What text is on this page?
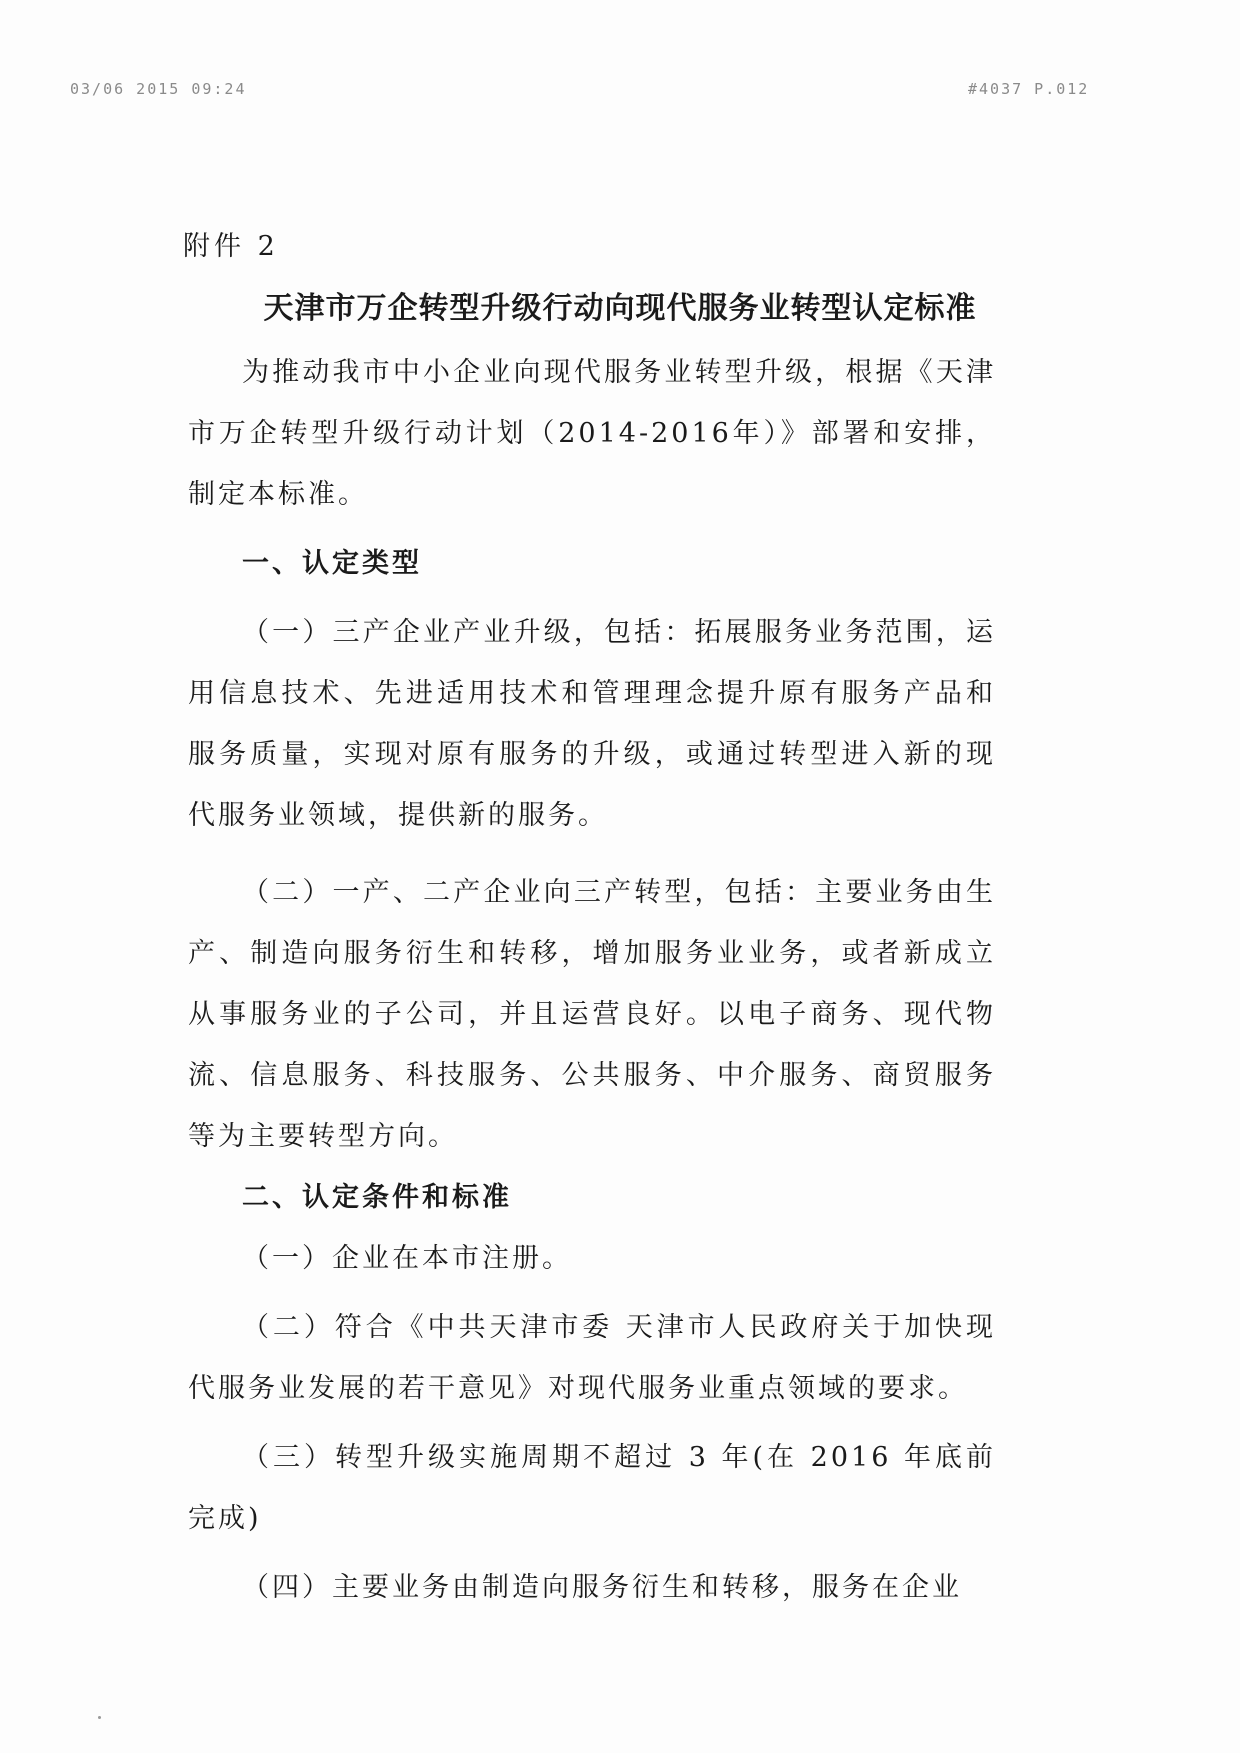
03/06 2015 09:24	#4037 P.012
附件 2
天津市万企转型升级行动向现代服务业转型认定标准

为推动我市中小企业向现代服务业转型升级，根据《天津市万企转型升级行动计划（2014-2016年）》部署和安排，制定本标准。

一、认定类型

（一）三产企业产业升级，包括：拓展服务业务范围，运用信息技术、先进适用技术和管理理念提升原有服务产品和服务质量，实现对原有服务的升级，或通过转型进入新的现代服务业领域，提供新的服务。

（二）一产、二产企业向三产转型，包括：主要业务由生产、制造向服务衍生和转移，增加服务业业务，或者新成立从事服务业的子公司，并且运营良好。以电子商务、现代物流、信息服务、科技服务、公共服务、中介服务、商贸服务等为主要转型方向。

二、认定条件和标准

（一）企业在本市注册。

（二）符合《中共天津市委 天津市人民政府关于加快现代服务业发展的若干意见》对现代服务业重点领域的要求。

（三）转型升级实施周期不超过 3 年(在 2016 年底前完成)

（四）主要业务由制造向服务衍生和转移，服务在企业
